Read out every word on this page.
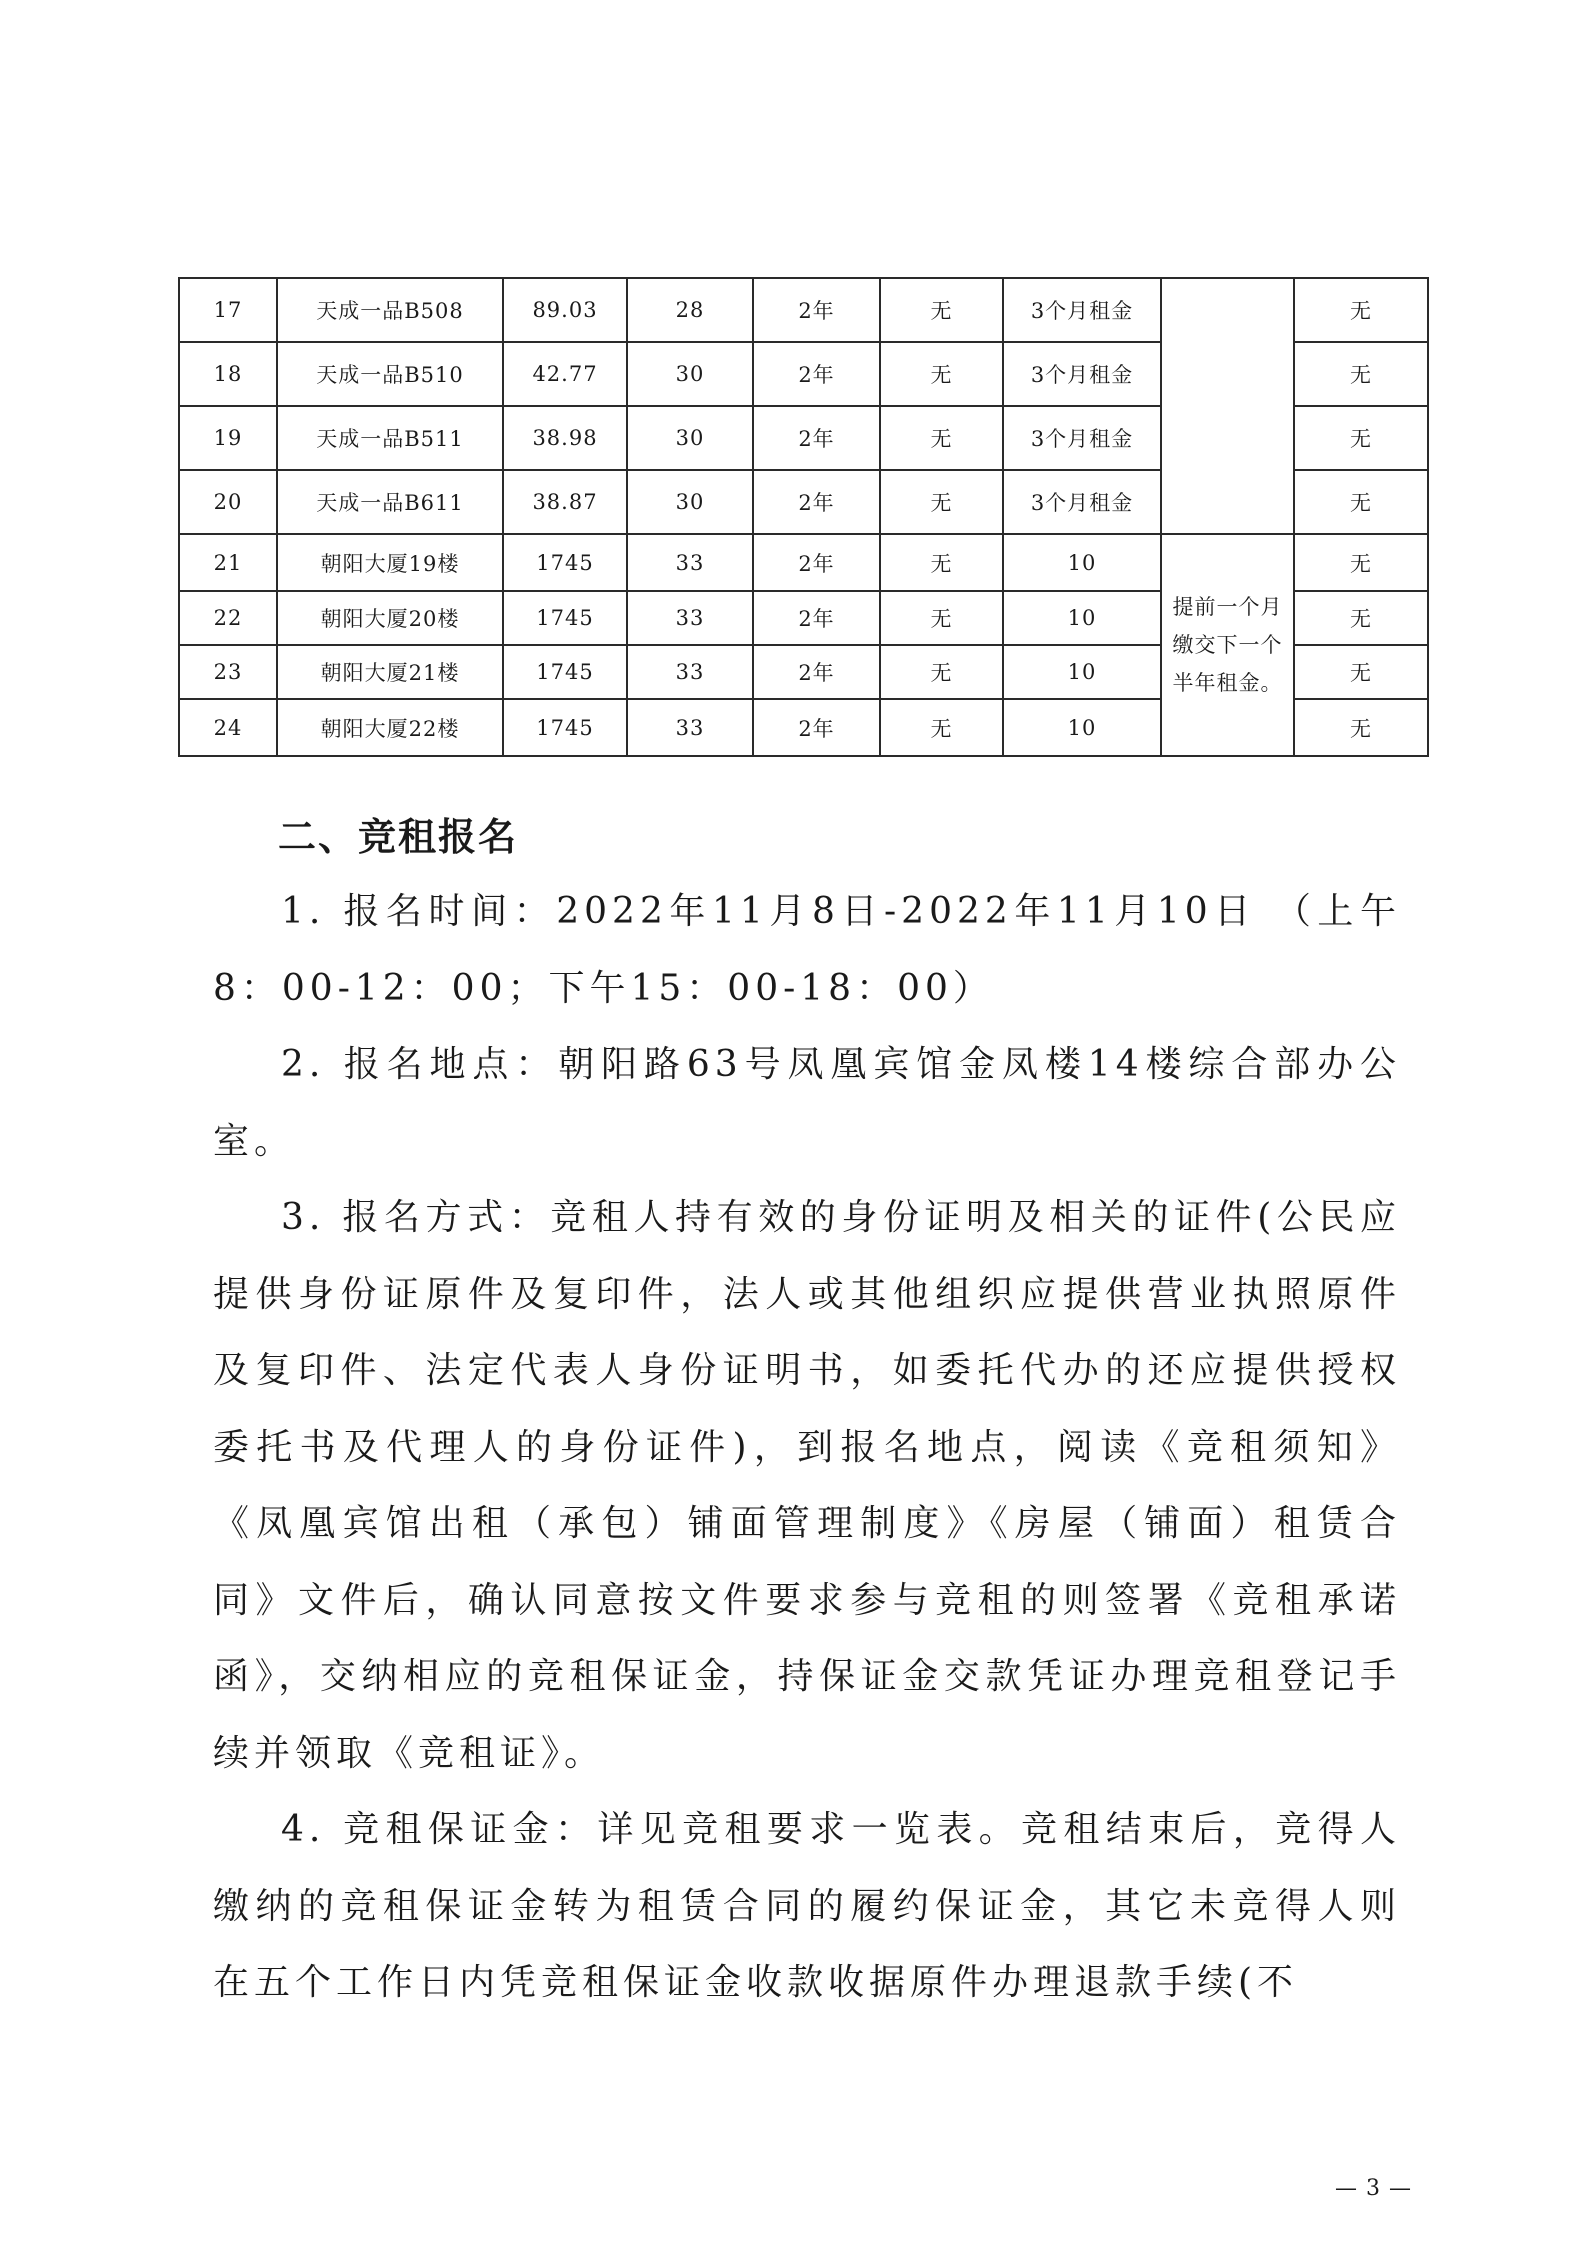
17	天成一品B508	89.03	28	2年	无	3个月租金		无
18	天成一品B510	42.77	30	2年	无	3个月租金		无
19	天成一品B511	38.98	30	2年	无	3个月租金		无
20	天成一品B611	38.87	30	2年	无	3个月租金		无
21	朝阳大厦19楼	1745	33	2年	无	10	提前一个月缴交下一个半年租金。	无
22	朝阳大厦20楼	1745	33	2年	无	10		无
23	朝阳大厦21楼	1745	33	2年	无	10		无
24	朝阳大厦22楼	1745	33	2年	无	10		无
二、竞租报名

1. 报名时间：2022年11月8日-2022年11月10日 （上午8：00-12：00；下午15：00-18：00）

2. 报名地点：朝阳路63号凤凰宾馆金凤楼14楼综合部办公室。

3. 报名方式：竞租人持有效的身份证明及相关的证件(公民应提供身份证原件及复印件，法人或其他组织应提供营业执照原件及复印件、法定代表人身份证明书，如委托代办的还应提供授权委托书及代理人的身份证件)，到报名地点，阅读《竞租须知》《凤凰宾馆出租（承包）铺面管理制度》《房屋（铺面）租赁合同》文件后，确认同意按文件要求参与竞租的则签署《竞租承诺函》，交纳相应的竞租保证金，持保证金交款凭证办理竞租登记手续并领取《竞租证》。

4. 竞租保证金：详见竞租要求一览表。竞租结束后，竞得人缴纳的竞租保证金转为租赁合同的履约保证金，其它未竞得人则在五个工作日内凭竞租保证金收款收据原件办理退款手续(不

— 3 —
